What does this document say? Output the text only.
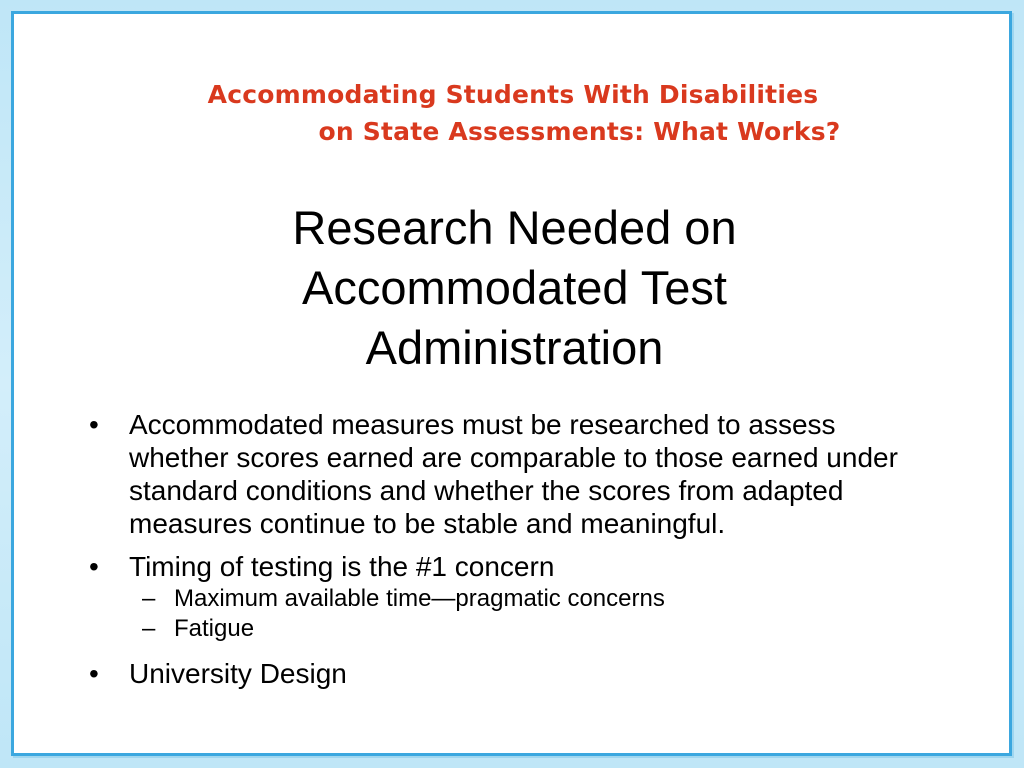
Accommodating Students With Disabilities
on State Assessments: What Works?
Research Needed on
Accommodated Test
Administration
• Accommodated measures must be researched to assess whether scores earned are comparable to those earned under standard conditions and whether the scores from adapted measures continue to be stable and meaningful.
• Timing of testing is the #1 concern
– Maximum available time—pragmatic concerns
– Fatigue
• University Design
